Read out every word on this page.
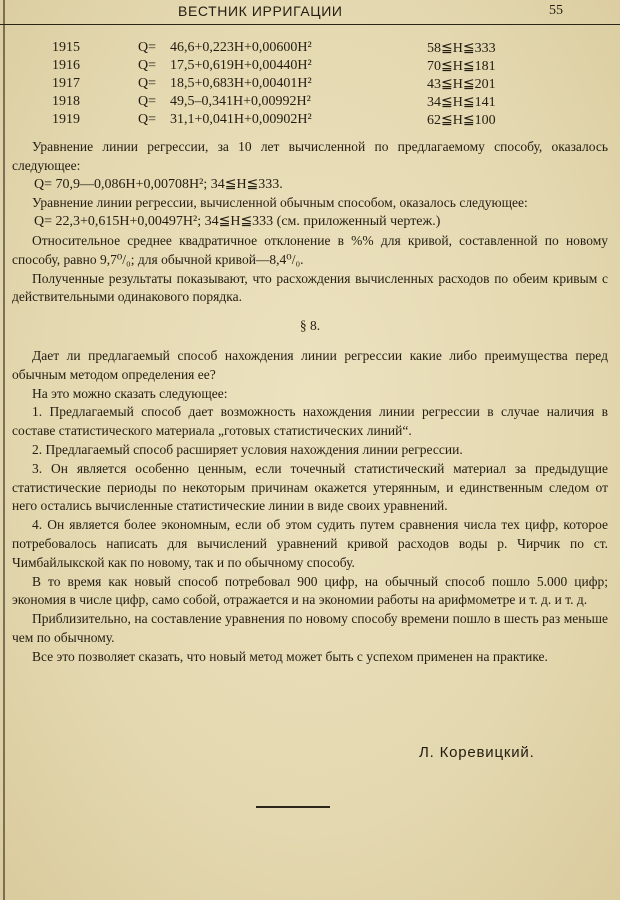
ВЕСТНИК ИРРИГАЦИИ	55
1915	Q= 46,6+0,223H+0,00600H²	58≦H≦333
1916	Q= 17,5+0,619H+0,00440H²	70≦H≦181
1917	Q= 18,5+0,683H+0,00401H²	43≦H≦201
1918	Q= 49,5–0,341H+0,00992H²	34≦H≦141
1919	Q= 31,1+0,041H+0,00902H²	62≦H≦100

Уравнение линии регрессии, за 10 лет вычисленной по предлагаемому способу, оказалось следующее:

Q= 70,9—0,086H+0,00708H²; 34≦H≦333.

Уравнение линии регрессии, вычисленной обычным способом, оказалось следующее:

Q= 22,3+0,615H+0,00497H²; 34≦H≦333 (см. приложенный чертеж.)

Относительное среднее квадратичное отклонение в %% для кривой, составленной по новому способу, равно 9,7⁰/₀; для обычной кривой—8,4⁰/₀.

Полученные результаты показывают, что расхождения вычисленных расходов по обеим кривым с действительными одинакового порядка.

§ 8.

Дает ли предлагаемый способ нахождения линии регрессии какие либо преимущества перед обычным методом определения ее?

На это можно сказать следующее:

1. Предлагаемый способ дает возможность нахождения линии регрессии в случае наличия в составе статистического материала „готовых статистических линий“.

2. Предлагаемый способ расширяет условия нахождения линии регрессии.

3. Он является особенно ценным, если точечный статистический материал за предыдущие статистические периоды по некоторым причинам окажется утерянным, и единственным следом от него остались вычисленные статистические линии в виде своих уравнений.

4. Он является более экономным, если об этом судить путем сравнения числа тех цифр, которое потребовалось написать для вычислений уравнений кривой расходов воды р. Чирчик по ст. Чимбайлыкской как по новому, так и по обычному способу.

В то время как новый способ потребовал 900 цифр, на обычный способ пошло 5.000 цифр; экономия в числе цифр, само собой, отражается и на экономии работы на арифмометре и т. д. и т. д.

Приблизительно, на составление уравнения по новому способу времени пошло в шесть раз меньше чем по обычному.

Все это позволяет сказать, что новый метод может быть с успехом применен на практике.

Л. Коревицкий.
